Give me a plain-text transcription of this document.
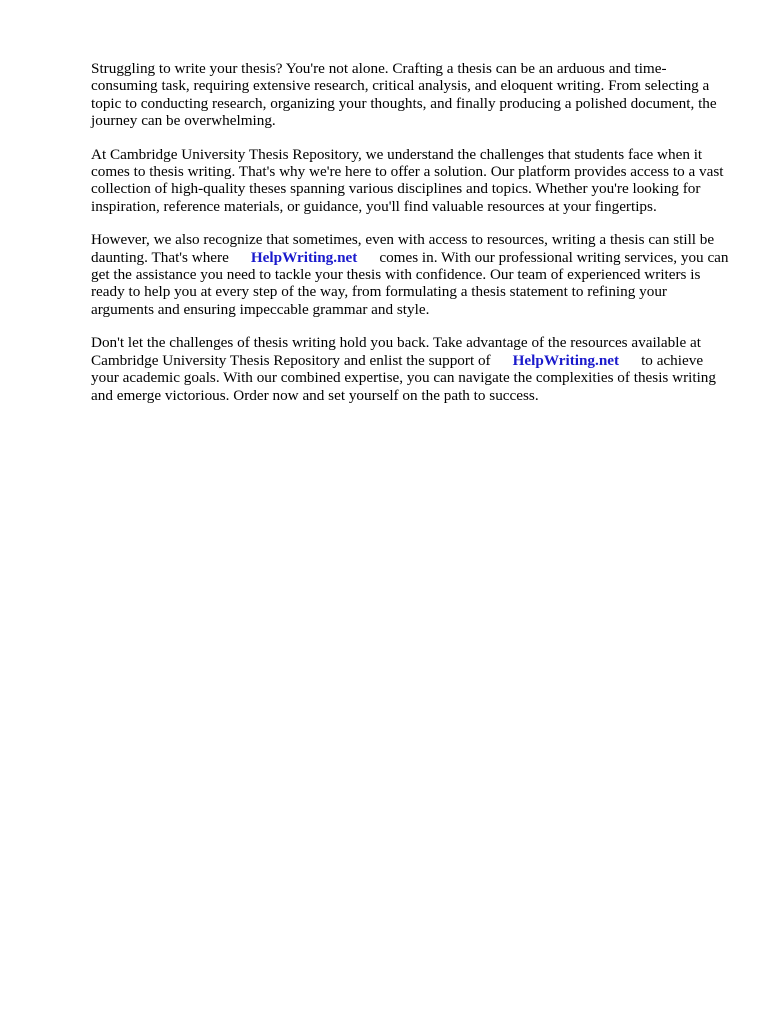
Struggling to write your thesis? You're not alone. Crafting a thesis can be an arduous and time-consuming task, requiring extensive research, critical analysis, and eloquent writing. From selecting a topic to conducting research, organizing your thoughts, and finally producing a polished document, the journey can be overwhelming.

At Cambridge University Thesis Repository, we understand the challenges that students face when it comes to thesis writing. That's why we're here to offer a solution. Our platform provides access to a vast collection of high-quality theses spanning various disciplines and topics. Whether you're looking for inspiration, reference materials, or guidance, you'll find valuable resources at your fingertips.

However, we also recognize that sometimes, even with access to resources, writing a thesis can still be daunting. That's where HelpWriting.net comes in. With our professional writing services, you can get the assistance you need to tackle your thesis with confidence. Our team of experienced writers is ready to help you at every step of the way, from formulating a thesis statement to refining your arguments and ensuring impeccable grammar and style.

Don't let the challenges of thesis writing hold you back. Take advantage of the resources available at Cambridge University Thesis Repository and enlist the support of HelpWriting.net to achieve your academic goals. With our combined expertise, you can navigate the complexities of thesis writing and emerge victorious. Order now and set yourself on the path to success.
